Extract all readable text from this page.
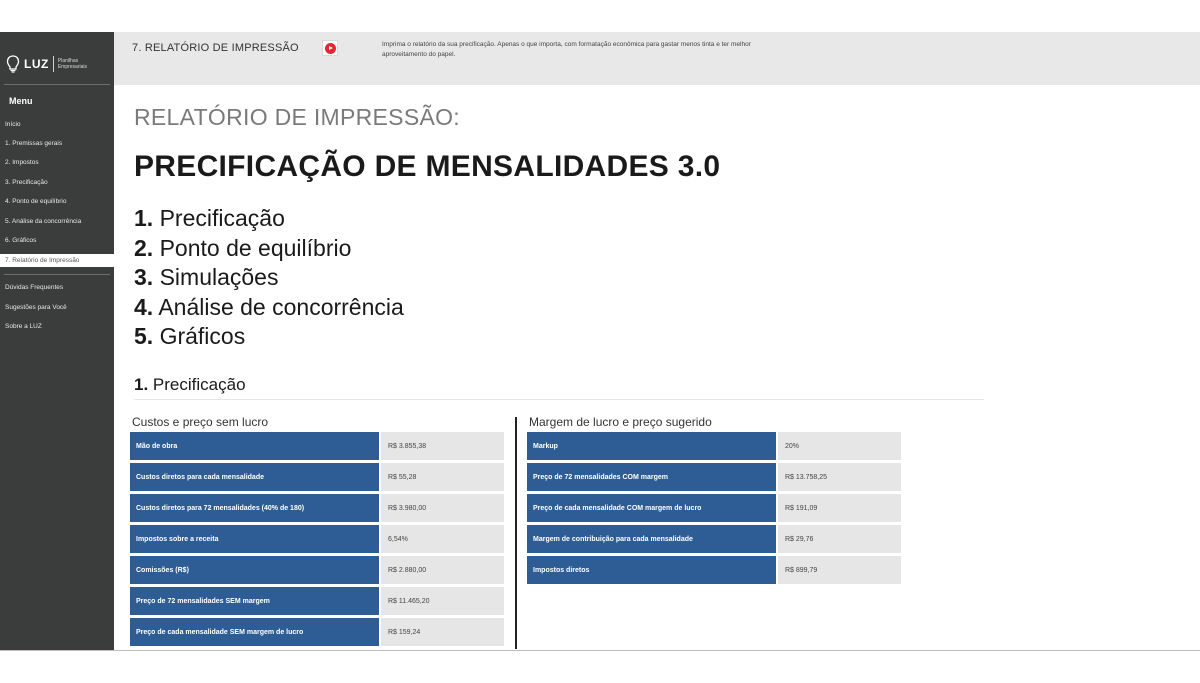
LUZ Planilhas Empresariais
Menu
Início
1. Premissas gerais
2. Impostos
3. Precificação
4. Ponto de equilíbrio
5. Análise da concorrência
6. Gráficos
7. Relatório de Impressão
Dúvidas Frequentes
Sugestões para Você
Sobre a LUZ
7. RELATÓRIO DE IMPRESSÃO	Imprima o relatório da sua precificação. Apenas o que importa, com formatação econômica para gastar menos tinta e ter melhor aproveitamento do papel.
RELATÓRIO DE IMPRESSÃO:
PRECIFICAÇÃO DE MENSALIDADES 3.0
1. Precificação
2. Ponto de equilíbrio
3. Simulações
4. Análise de concorrência
5. Gráficos
1. Precificação
Custos e preço sem lucro
Mão de obra	R$ 3.855,38
Custos diretos para cada mensalidade	R$ 55,28
Custos diretos para 72 mensalidades (40% de 180)	R$ 3.980,00
Impostos sobre a receita	6,54%
Comissões (R$)	R$ 2.880,00
Preço de 72 mensalidades SEM margem	R$ 11.465,20
Preço de cada mensalidade SEM margem de lucro	R$ 159,24
Margem de lucro e preço sugerido
Markup	20%
Preço de 72 mensalidades COM margem	R$ 13.758,25
Preço de cada mensalidade COM margem de lucro	R$ 191,09
Margem de contribuição para cada mensalidade	R$ 29,76
Impostos diretos	R$ 899,79
